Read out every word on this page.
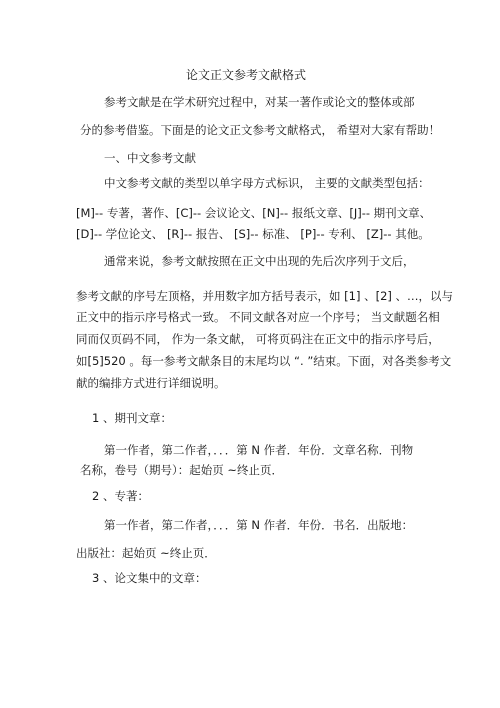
论文正文参考文献格式
参考文献是在学术研究过程中，对某一著作或论文的整体或部
分的参考借鉴。下面是的论文正文参考文献格式， 希望对大家有帮助！
一、中文参考文献
中文参考文献的类型以单字母方式标识， 主要的文献类型包括：
[M]-- 专著，著作、[C]-- 会议论文、[N]-- 报纸文章、[J]-- 期刊文章、
[D]-- 学位论文、 [R]-- 报告、 [S]-- 标准、 [P]-- 专利、 [Z]-- 其他。
通常来说，参考文献按照在正文中出现的先后次序列于文后，
参考文献的序号左顶格，并用数字加方括号表示，如 [1] 、[2] 、…，以与
正文中的指示序号格式一致。 不同文献各对应一个序号； 当文献题名相
同而仅页码不同， 作为一条文献， 可将页码注在正文中的指示序号后，
如[5]520 。每一参考文献条目的末尾均以 “. ”结束。下面，对各类参考文
献的编排方式进行详细说明。
1 、期刊文章：
第一作者，第二作者，．．．第 N 作者．年份．文章名称．刊物
名称，卷号（期号）：起始页 ~终止页．
2 、专著：
第一作者，第二作者，．．．第 N 作者．年份．书名．出版地：
出版社：起始页 ~终止页．
3 、论文集中的文章：
